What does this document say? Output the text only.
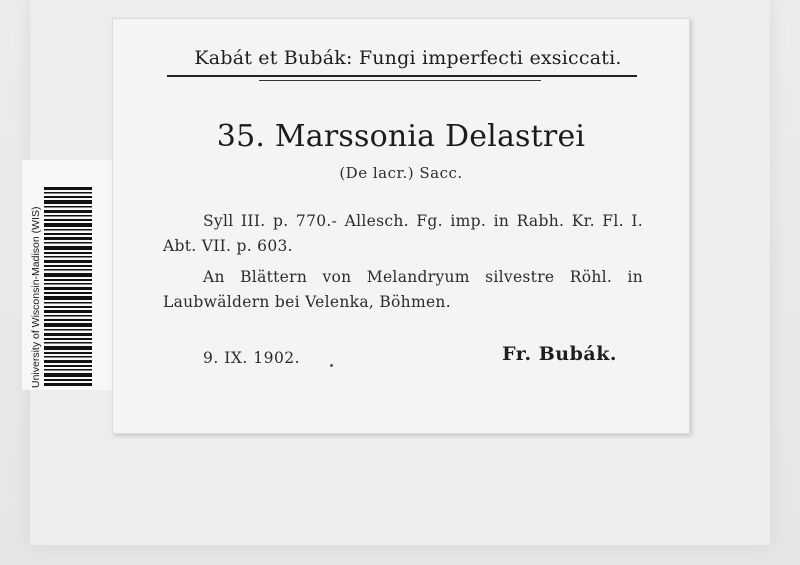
University of Wisconsin-Madison (WIS)
Kabát et Bubák: Fungi imperfecti exsiccati.
35. Marssonia Delastrei
(De lacr.) Sacc.
Syll III. p. 770.- Allesch. Fg. imp. in Rabh. Kr. Fl. I. Abt. VII. p. 603.
An Blättern von Melandryum silvestre Röhl. in Laubwäldern bei Velenka, Böhmen.
9. IX. 1902.	Fr. Bubák.
